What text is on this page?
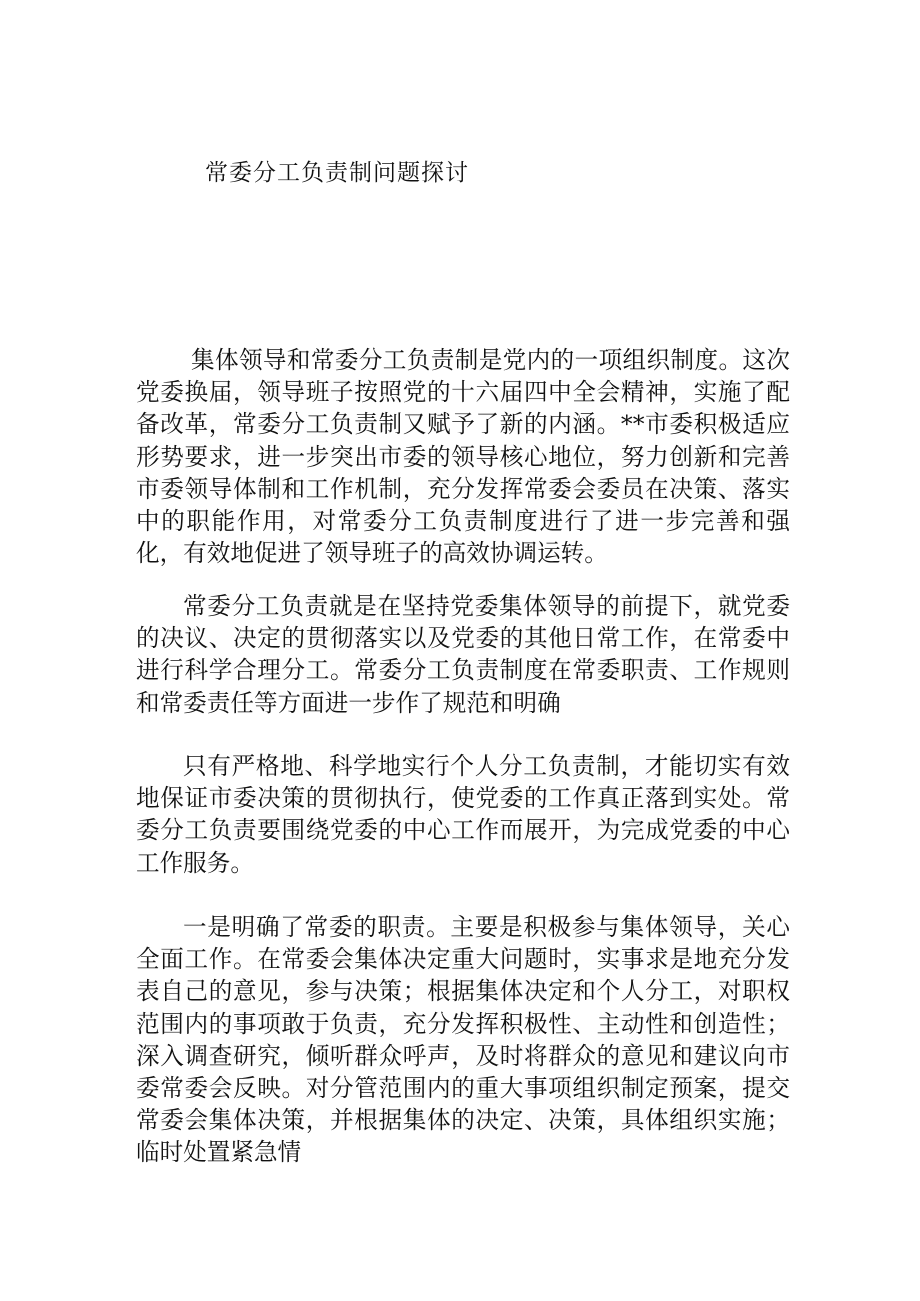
常委分工负责制问题探讨

集体领导和常委分工负责制是党内的一项组织制度。这次党委换届，领导班子按照党的十六届四中全会精神，实施了配备改革，常委分工负责制又赋予了新的内涵。**市委积极适应形势要求，进一步突出市委的领导核心地位，努力创新和完善市委领导体制和工作机制，充分发挥常委会委员在决策、落实中的职能作用，对常委分工负责制度进行了进一步完善和强化，有效地促进了领导班子的高效协调运转。

常委分工负责就是在坚持党委集体领导的前提下，就党委的决议、决定的贯彻落实以及党委的其他日常工作，在常委中进行科学合理分工。常委分工负责制度在常委职责、工作规则和常委责任等方面进一步作了规范和明确

只有严格地、科学地实行个人分工负责制，才能切实有效地保证市委决策的贯彻执行，使党委的工作真正落到实处。常委分工负责要围绕党委的中心工作而展开，为完成党委的中心工作服务。

一是明确了常委的职责。主要是积极参与集体领导，关心全面工作。在常委会集体决定重大问题时，实事求是地充分发表自己的意见，参与决策；根据集体决定和个人分工，对职权范围内的事项敢于负责，充分发挥积极性、主动性和创造性；深入调查研究，倾听群众呼声，及时将群众的意见和建议向市委常委会反映。对分管范围内的重大事项组织制定预案，提交常委会集体决策，并根据集体的决定、决策，具体组织实施；临时处置紧急情
